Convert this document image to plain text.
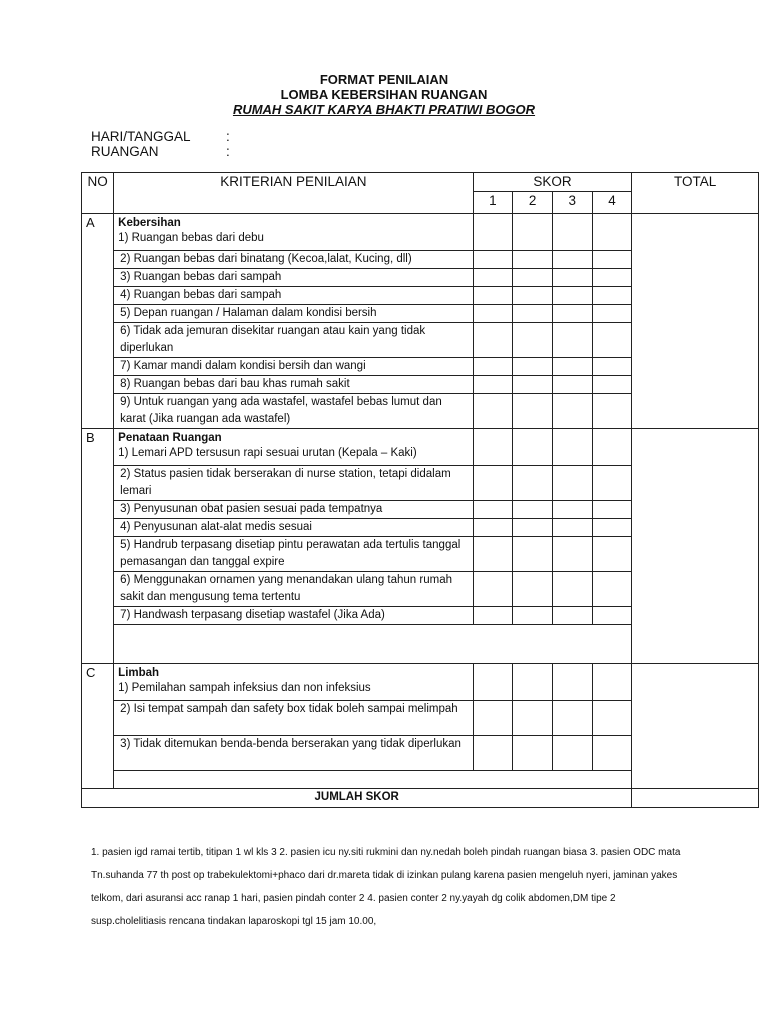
FORMAT PENILAIAN
LOMBA KEBERSIHAN RUANGAN
RUMAH SAKIT KARYA BHAKTI PRATIWI BOGOR
HARI/TANGGAL	:
RUANGAN	:
NO	KRITERIAN PENILAIAN	SKOR				TOTAL
		1	2	3	4	
A	Kebersihan
1) Ruangan bebas dari debu					

	2) Ruangan bebas dari binatang (Kecoa,lalat, Kucing, dll)					
	3) Ruangan bebas dari sampah					
	4) Ruangan bebas dari sampah					
	5) Depan ruangan / Halaman dalam kondisi bersih					
	6) Tidak ada jemuran disekitar ruangan atau kain yang tidak diperlukan					
	7) Kamar mandi dalam kondisi bersih dan wangi					
	8) Ruangan bebas dari bau khas rumah sakit					
	9) Untuk ruangan yang ada wastafel, wastafel bebas lumut dan karat (Jika ruangan ada wastafel)					
B	Penataan Ruangan
1) Lemari APD tersusun rapi sesuai urutan (Kepala – Kaki)					

	2) Status pasien tidak berserakan di nurse station, tetapi didalam lemari					
	3) Penyusunan obat pasien sesuai pada tempatnya					
	4) Penyusunan alat-alat medis sesuai					
	5) Handrub terpasang disetiap pintu perawatan ada tertulis tanggal pemasangan dan tanggal expire					
	6) Menggunakan ornamen yang menandakan ulang tahun rumah sakit dan mengusung tema tertentu					
	7) Handwash terpasang disetiap wastafel (Jika Ada)					

C	Limbah
1) Pemilahan sampah infeksius dan non infeksius					

	2) Isi tempat sampah dan safety box tidak boleh sampai melimpah					
	3) Tidak ditemukan benda-benda berserakan yang tidak diperlukan					

JUMLAH SKOR						
1. pasien igd ramai tertib, titipan 1 wl kls 3 2. pasien icu ny.siti rukmini dan ny.nedah boleh pindah ruangan biasa 3. pasien ODC mata Tn.suhanda 77 th post op trabekulektomi+phaco dari dr.mareta tidak di izinkan pulang karena pasien mengeluh nyeri, jaminan yakes telkom, dari asuransi acc ranap 1 hari, pasien pindah conter 2 4. pasien conter 2 ny.yayah dg colik abdomen,DM tipe 2 susp.cholelitiasis rencana tindakan laparoskopi tgl 15 jam 10.00,
